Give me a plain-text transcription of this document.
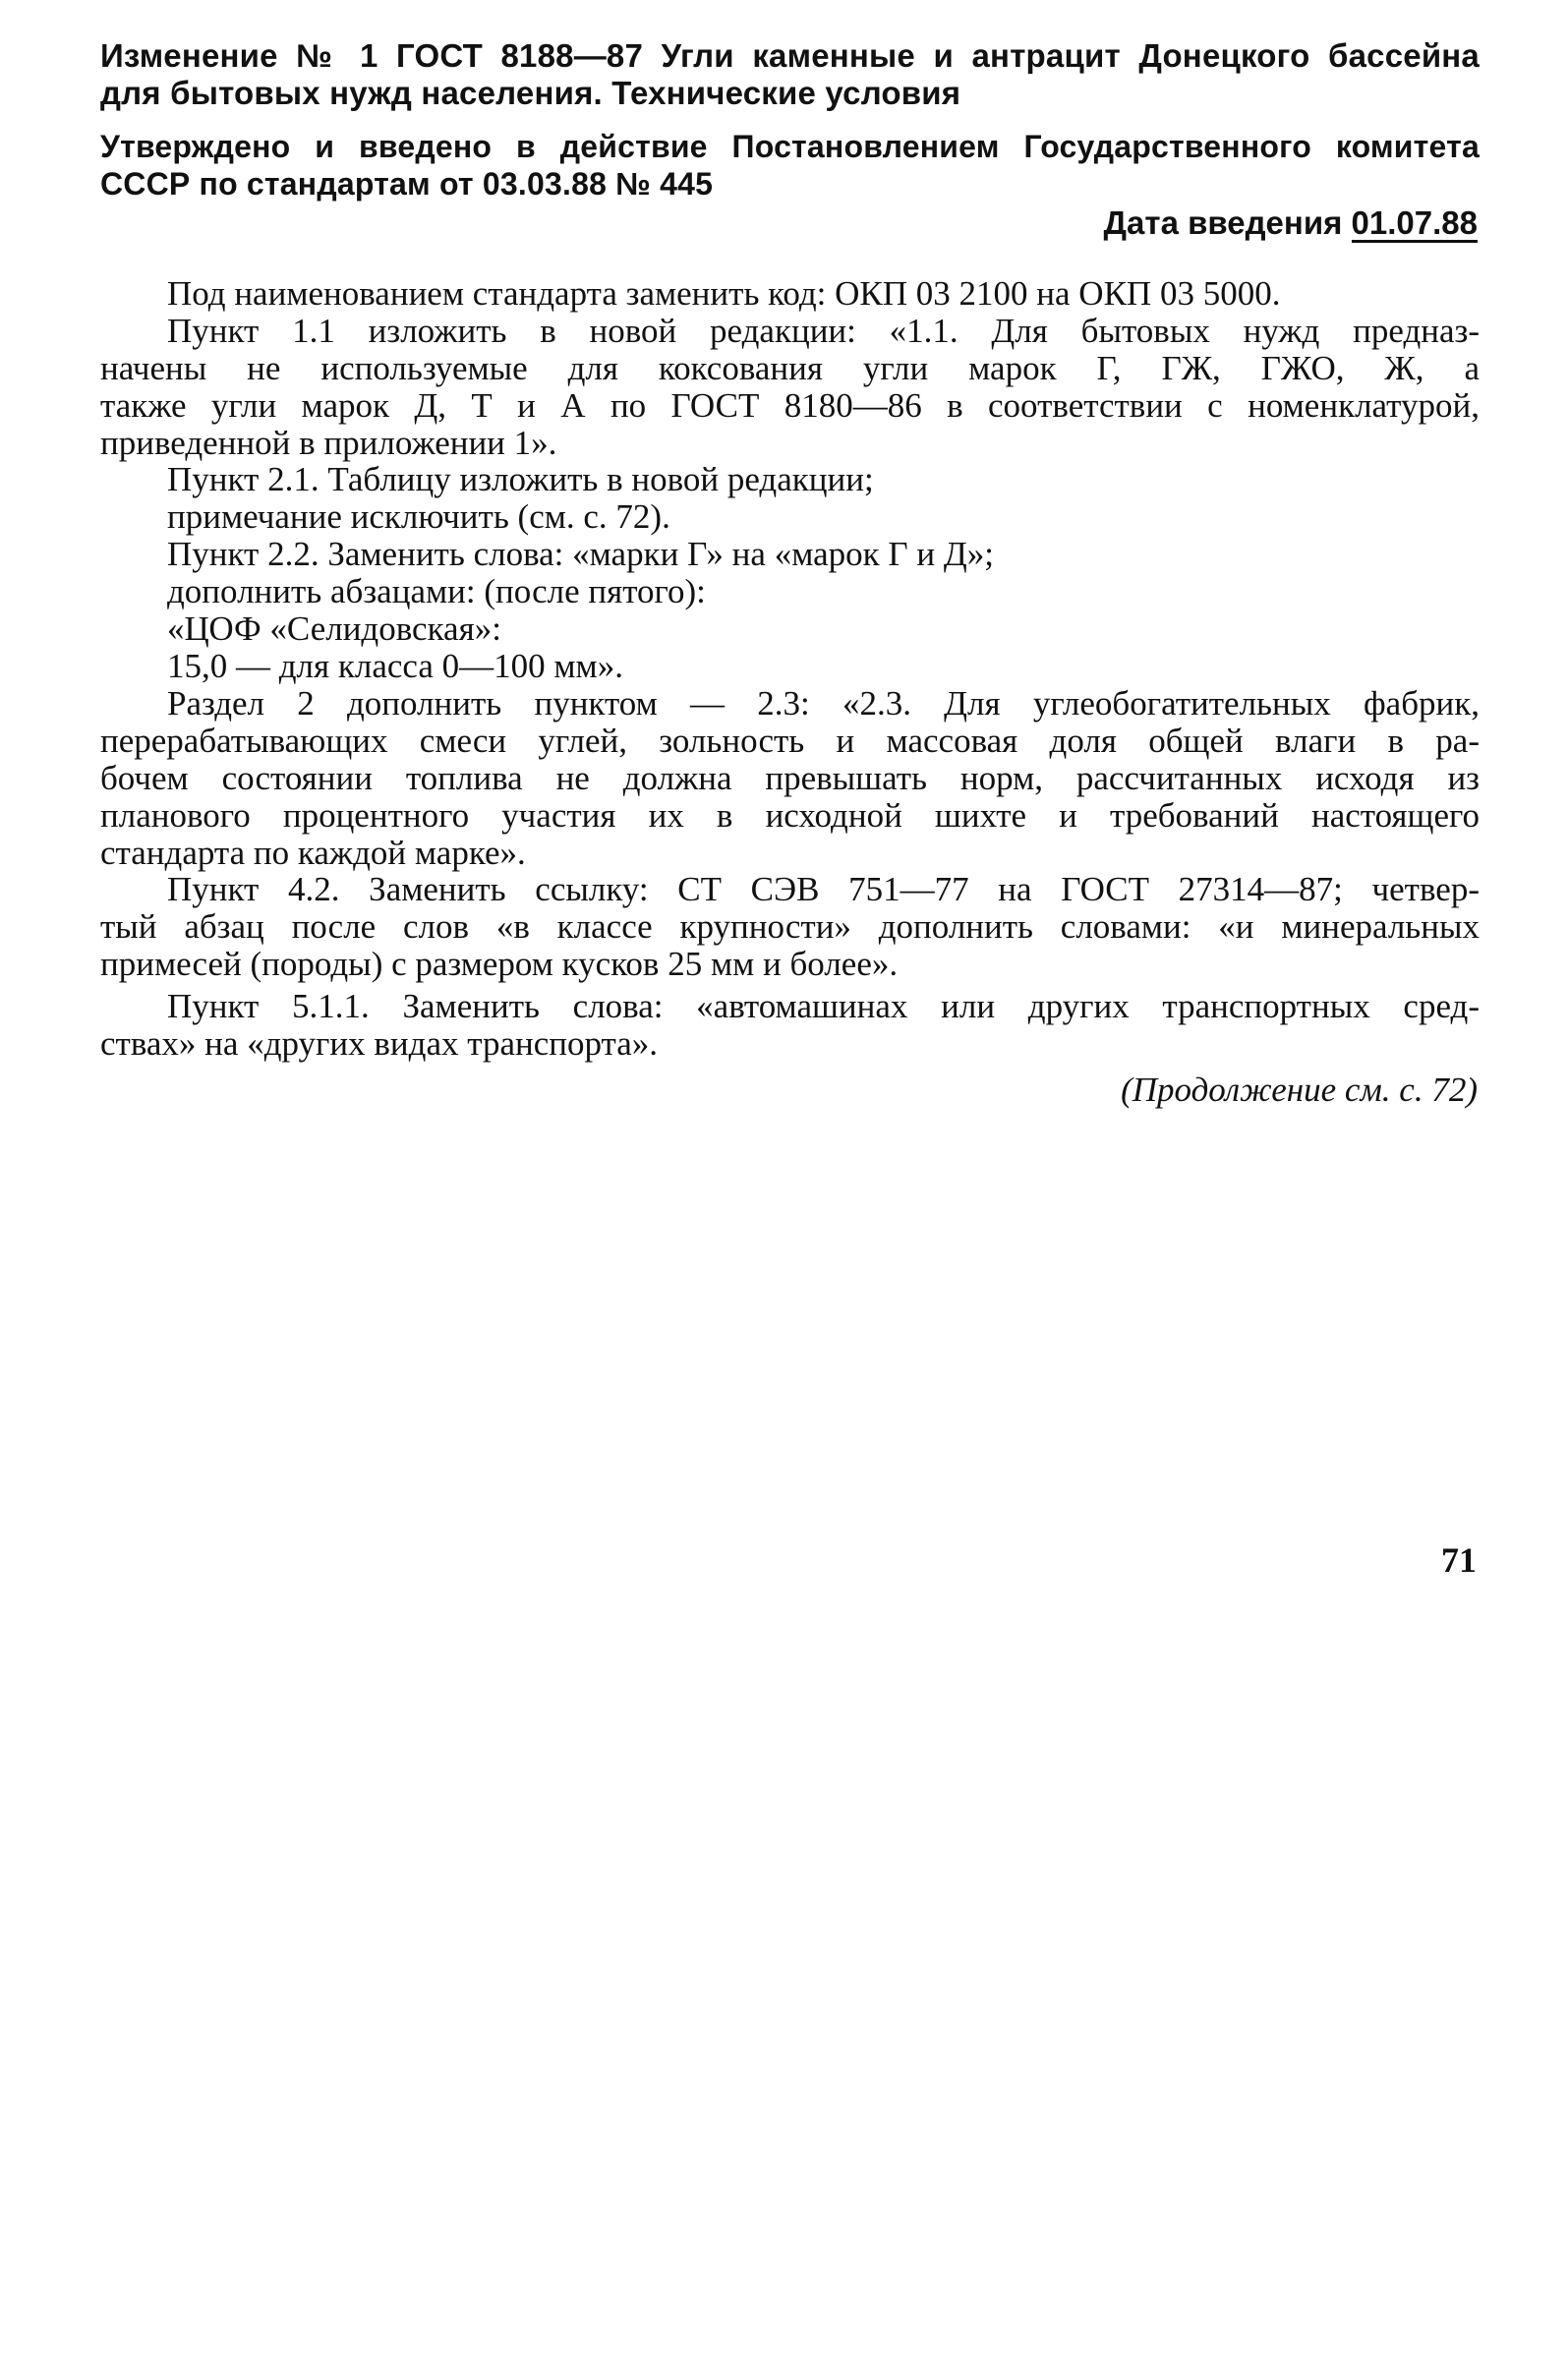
Изменение № 1 ГОСТ 8188—87 Угли каменные и антрацит Донецкого бассейна
для бытовых нужд населения. Технические условия
Утверждено и введено в действие Постановлением Государственного комитета
СССР по стандартам от 03.03.88 № 445
Дата введения 01.07.88
Под наименованием стандарта заменить код: ОКП 03 2100 на ОКП 03 5000.
Пункт 1.1 изложить в новой редакции: «1.1. Для бытовых нужд предназ-
начены не используемые для коксования угли марок Г, ГЖ, ГЖО, Ж, а
также угли марок Д, Т и А по ГОСТ 8180—86 в соответствии с номенклатурой,
приведенной в приложении 1».
Пункт 2.1. Таблицу изложить в новой редакции;
примечание исключить (см. с. 72).
Пункт 2.2. Заменить слова: «марки Г» на «марок Г и Д»;
дополнить абзацами: (после пятого):
«ЦОФ «Селидовская»:
15,0 — для класса 0—100 мм».
Раздел 2 дополнить пунктом — 2.3: «2.3. Для углеобогатительных фабрик,
перерабатывающих смеси углей, зольность и массовая доля общей влаги в ра-
бочем состоянии топлива не должна превышать норм, рассчитанных исходя из
планового процентного участия их в исходной шихте и требований настоящего
стандарта по каждой марке».
Пункт 4.2. Заменить ссылку: СТ СЭВ 751—77 на ГОСТ 27314—87; четвер-
тый абзац после слов «в классе крупности» дополнить словами: «и минеральных
примесей (породы) с размером кусков 25 мм и более».
Пункт 5.1.1. Заменить слова: «автомашинах или других транспортных сред-
ствах» на «других видах транспорта».
(Продолжение см. с. 72)
71
